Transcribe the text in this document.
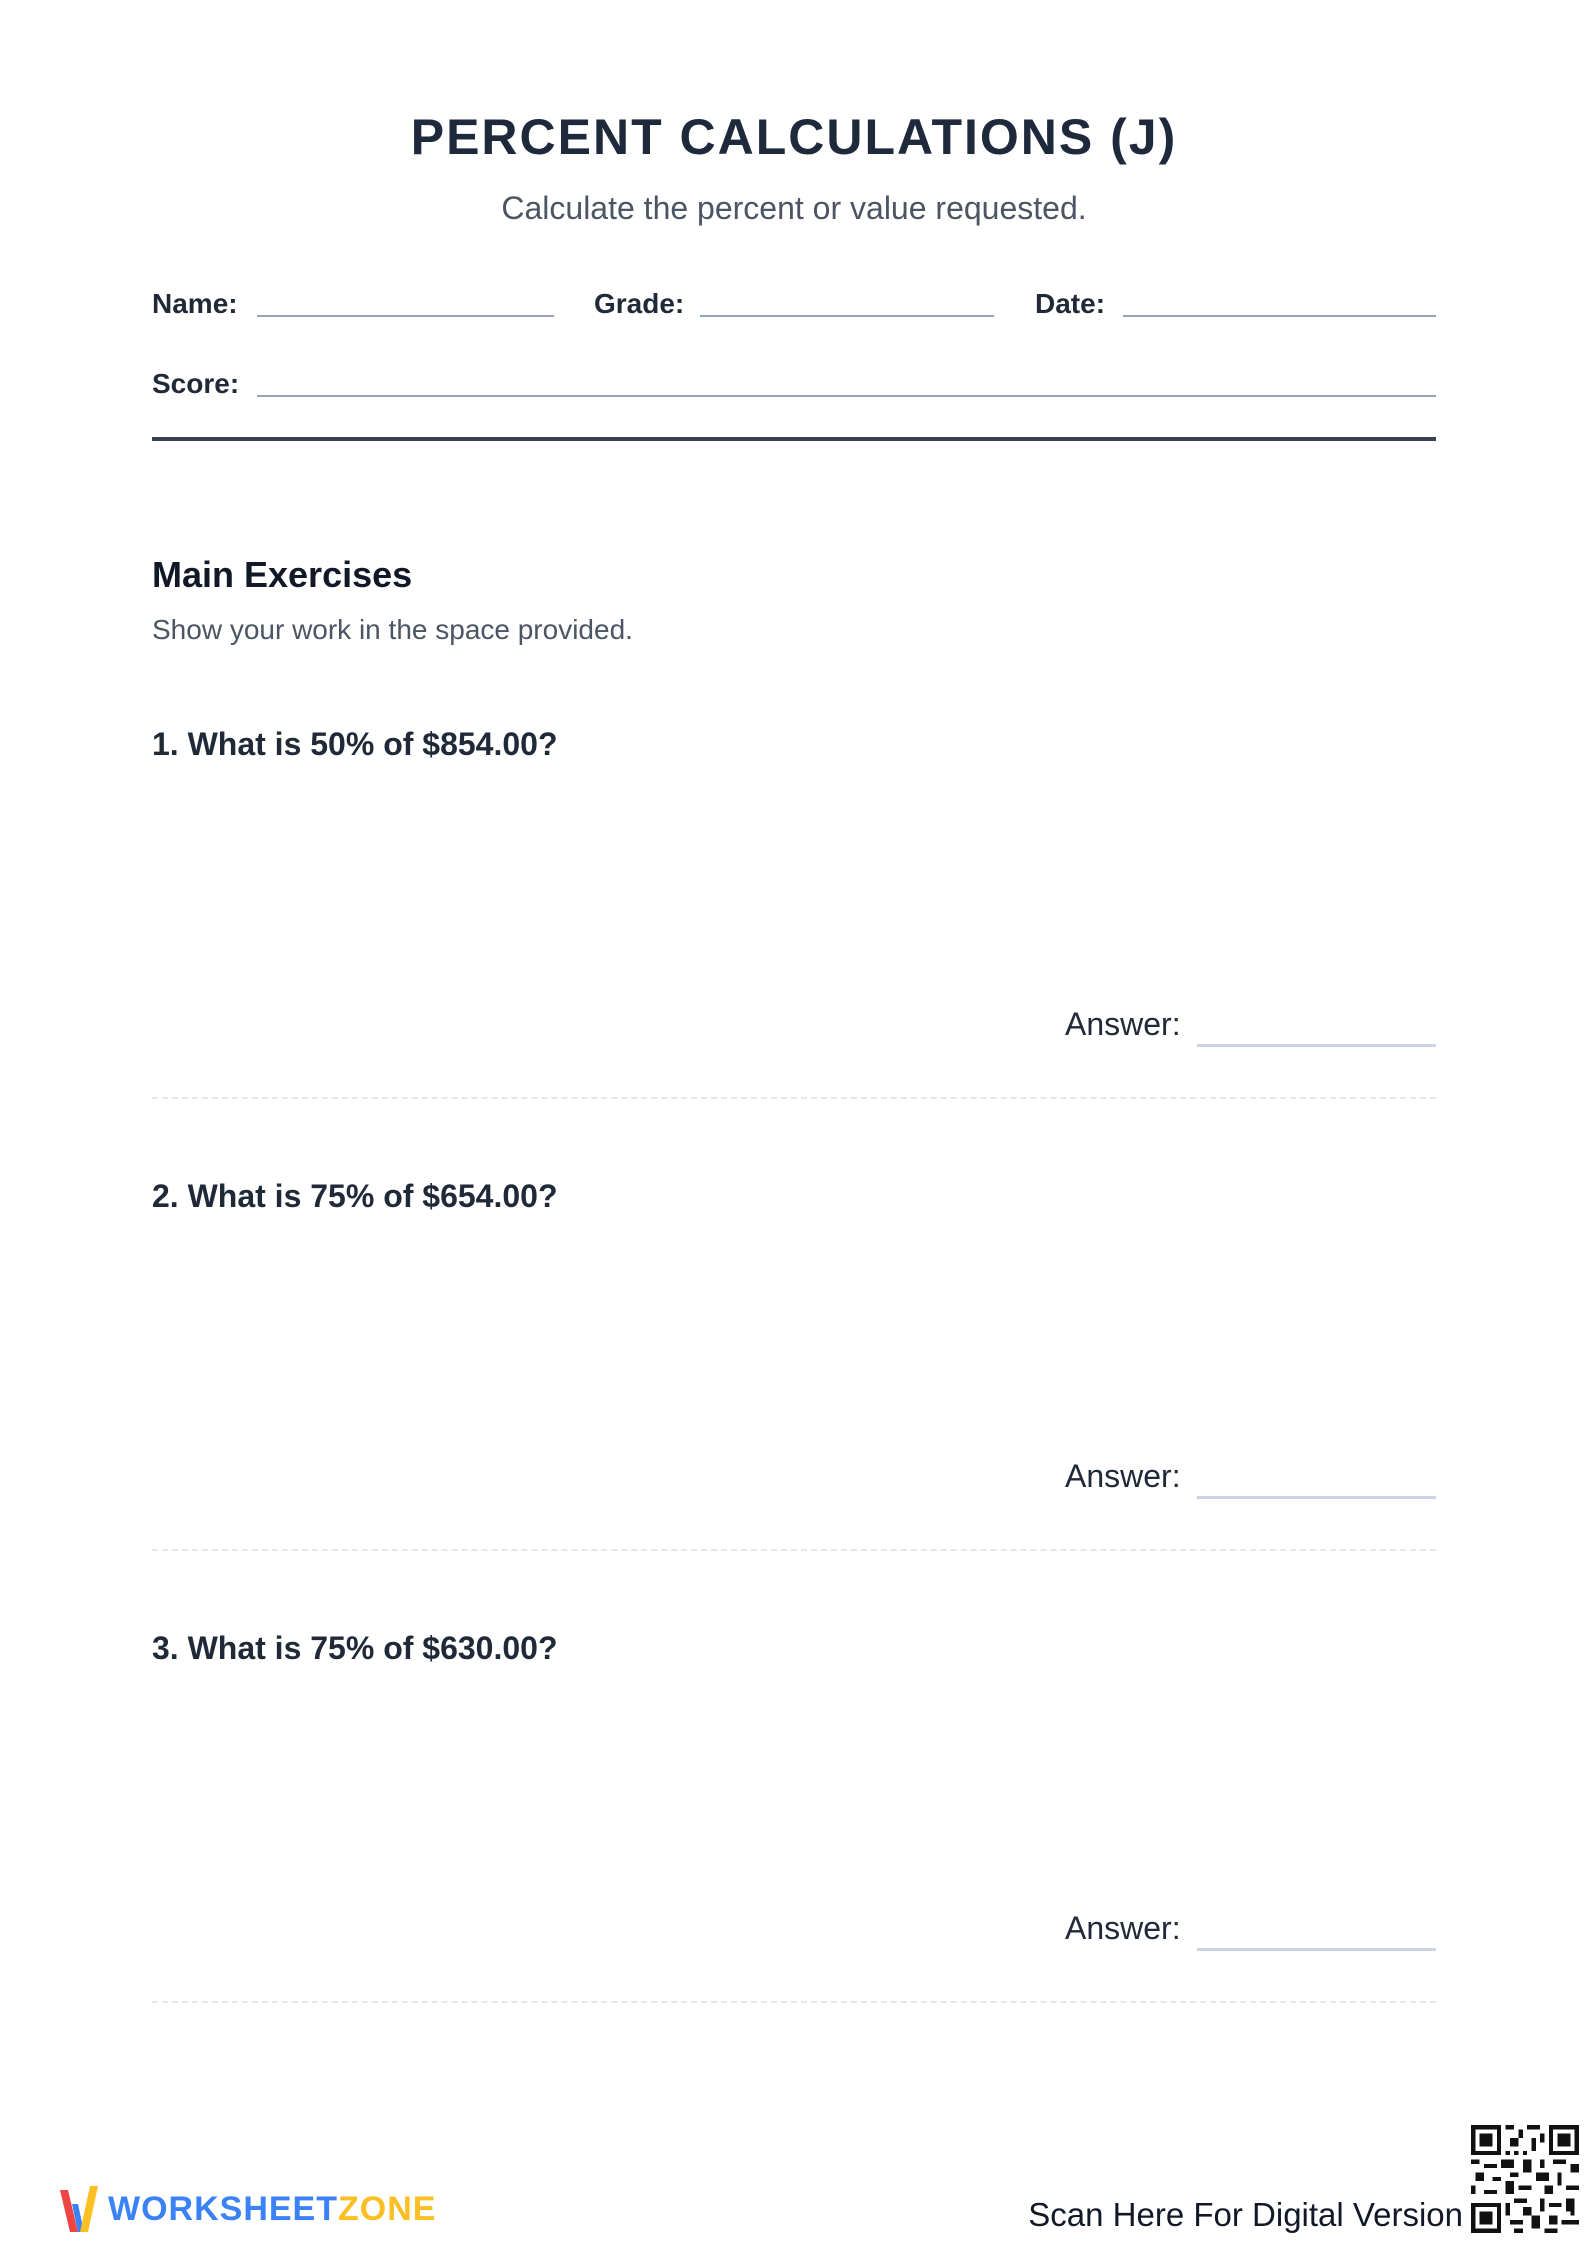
PERCENT CALCULATIONS (J)
Calculate the percent or value requested.
Name:	Grade:	Date:
Score:
Main Exercises
Show your work in the space provided.
1. What is 50% of $854.00?
Answer:
2. What is 75% of $654.00?
Answer:
3. What is 75% of $630.00?
Answer:
WORKSHEETZONE	Scan Here For Digital Version
